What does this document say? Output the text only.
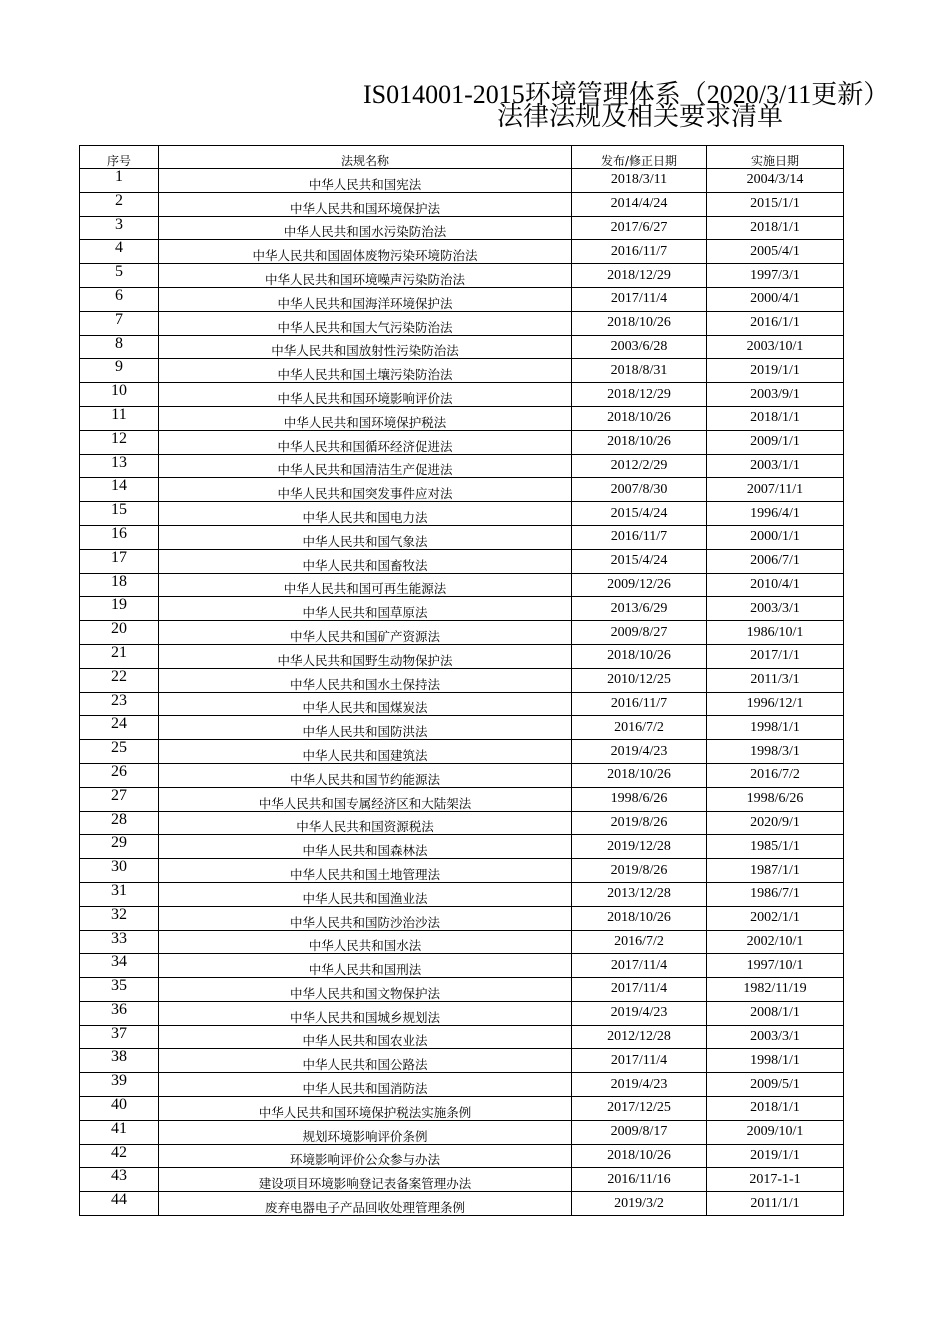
IS014001-2015环境管理体系（2020/3/11更新）
法律法规及相关要求清单
序号	法规名称	发布/修正日期	实施日期
1	中华人民共和国宪法	2018/3/11	2004/3/14
2	中华人民共和国环境保护法	2014/4/24	2015/1/1
3	中华人民共和国水污染防治法	2017/6/27	2018/1/1
4	中华人民共和国固体废物污染环境防治法	2016/11/7	2005/4/1
5	中华人民共和国环境噪声污染防治法	2018/12/29	1997/3/1
6	中华人民共和国海洋环境保护法	2017/11/4	2000/4/1
7	中华人民共和国大气污染防治法	2018/10/26	2016/1/1
8	中华人民共和国放射性污染防治法	2003/6/28	2003/10/1
9	中华人民共和国土壤污染防治法	2018/8/31	2019/1/1
10	中华人民共和国环境影响评价法	2018/12/29	2003/9/1
11	中华人民共和国环境保护税法	2018/10/26	2018/1/1
12	中华人民共和国循环经济促进法	2018/10/26	2009/1/1
13	中华人民共和国清洁生产促进法	2012/2/29	2003/1/1
14	中华人民共和国突发事件应对法	2007/8/30	2007/11/1
15	中华人民共和国电力法	2015/4/24	1996/4/1
16	中华人民共和国气象法	2016/11/7	2000/1/1
17	中华人民共和国畜牧法	2015/4/24	2006/7/1
18	中华人民共和国可再生能源法	2009/12/26	2010/4/1
19	中华人民共和国草原法	2013/6/29	2003/3/1
20	中华人民共和国矿产资源法	2009/8/27	1986/10/1
21	中华人民共和国野生动物保护法	2018/10/26	2017/1/1
22	中华人民共和国水土保持法	2010/12/25	2011/3/1
23	中华人民共和国煤炭法	2016/11/7	1996/12/1
24	中华人民共和国防洪法	2016/7/2	1998/1/1
25	中华人民共和国建筑法	2019/4/23	1998/3/1
26	中华人民共和国节约能源法	2018/10/26	2016/7/2
27	中华人民共和国专属经济区和大陆架法	1998/6/26	1998/6/26
28	中华人民共和国资源税法	2019/8/26	2020/9/1
29	中华人民共和国森林法	2019/12/28	1985/1/1
30	中华人民共和国土地管理法	2019/8/26	1987/1/1
31	中华人民共和国渔业法	2013/12/28	1986/7/1
32	中华人民共和国防沙治沙法	2018/10/26	2002/1/1
33	中华人民共和国水法	2016/7/2	2002/10/1
34	中华人民共和国刑法	2017/11/4	1997/10/1
35	中华人民共和国文物保护法	2017/11/4	1982/11/19
36	中华人民共和国城乡规划法	2019/4/23	2008/1/1
37	中华人民共和国农业法	2012/12/28	2003/3/1
38	中华人民共和国公路法	2017/11/4	1998/1/1
39	中华人民共和国消防法	2019/4/23	2009/5/1
40	中华人民共和国环境保护税法实施条例	2017/12/25	2018/1/1
41	规划环境影响评价条例	2009/8/17	2009/10/1
42	环境影响评价公众参与办法	2018/10/26	2019/1/1
43	建设项目环境影响登记表备案管理办法	2016/11/16	2017-1-1
44	废弃电器电子产品回收处理管理条例	2019/3/2	2011/1/1
